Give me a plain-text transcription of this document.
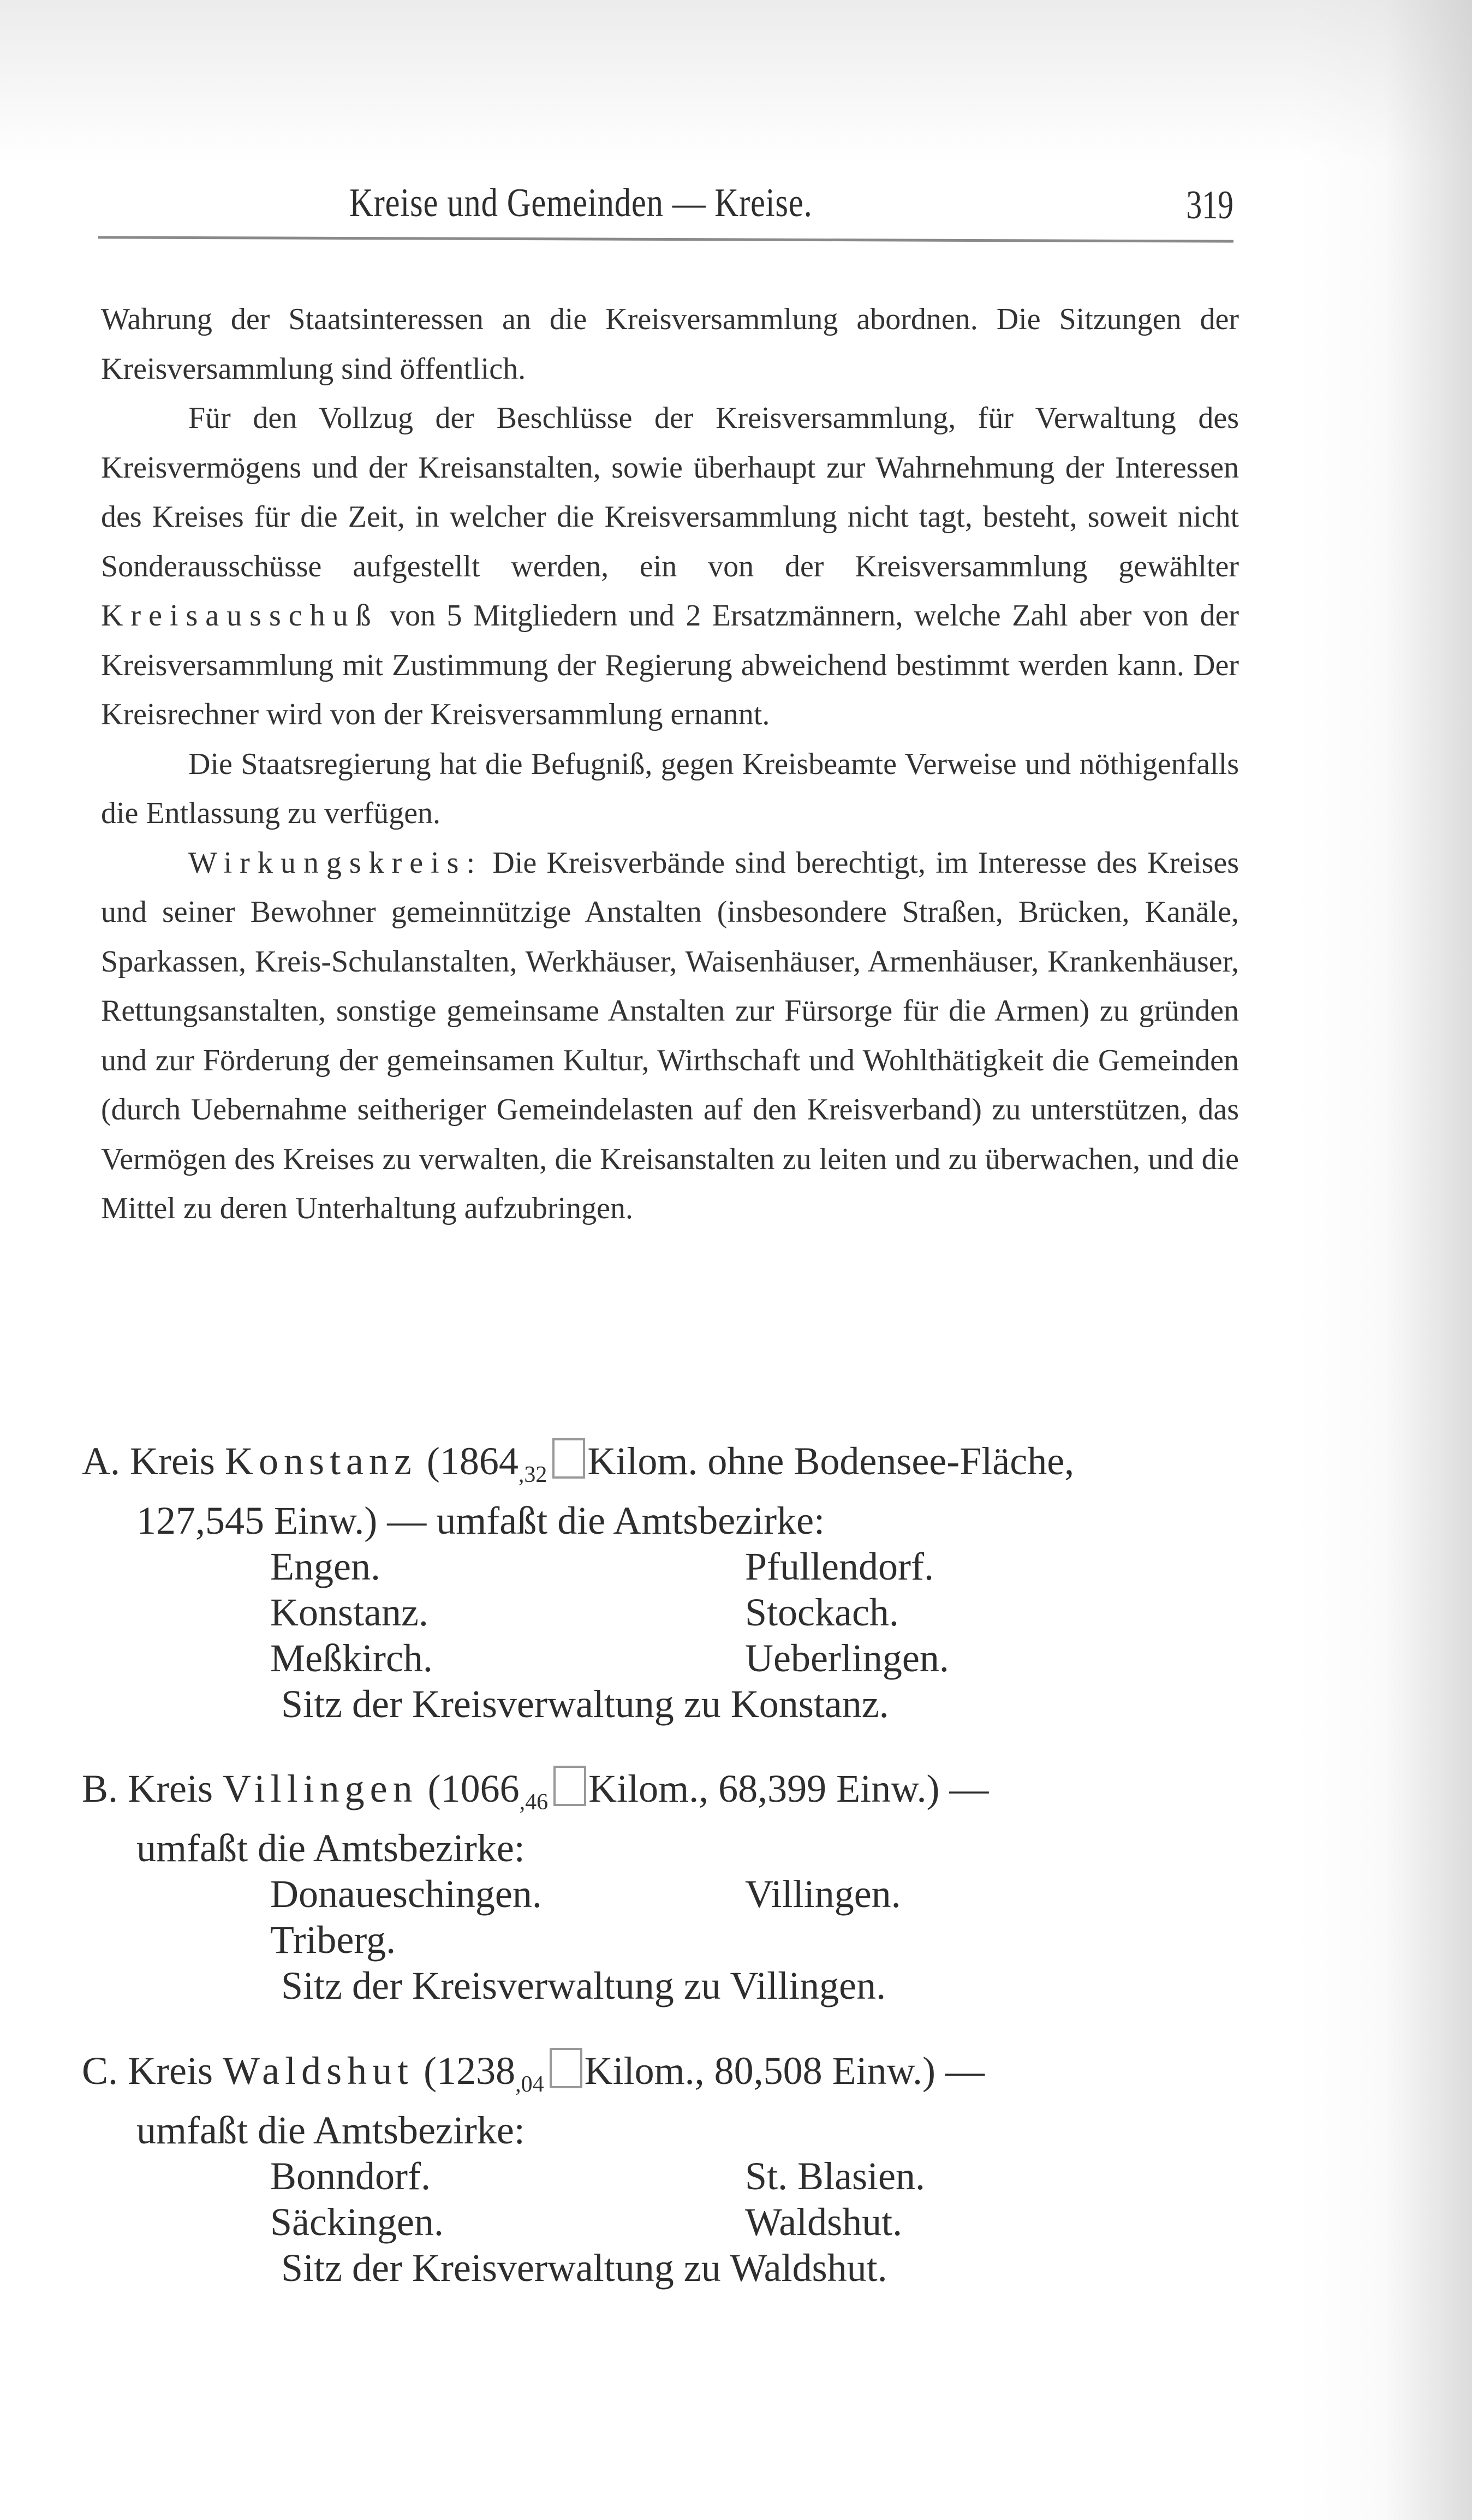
Kreise und Gemeinden — Kreise.	319

Wahrung der Staatsinteressen an die Kreisversammlung abordnen. Die Sitzungen der Kreisversammlung sind öffentlich.

Für den Vollzug der Beschlüsse der Kreisversammlung, für Verwaltung des Kreisvermögens und der Kreisanstalten, sowie überhaupt zur Wahrnehmung der Interessen des Kreises für die Zeit, in welcher die Kreisversammlung nicht tagt, besteht, soweit nicht Sonderausschüsse aufgestellt werden, ein von der Kreisversammlung gewählter Kreisausschuß von 5 Mitgliedern und 2 Ersatzmännern, welche Zahl aber von der Kreisversammlung mit Zustimmung der Regierung abweichend bestimmt werden kann. Der Kreisrechner wird von der Kreisversammlung ernannt.

Die Staatsregierung hat die Befugniß, gegen Kreisbeamte Verweise und nöthigenfalls die Entlassung zu verfügen.

Wirkungskreis: Die Kreisverbände sind berechtigt, im Interesse des Kreises und seiner Bewohner gemeinnützige Anstalten (insbesondere Straßen, Brücken, Kanäle, Sparkassen, Kreis-Schulanstalten, Werkhäuser, Waisenhäuser, Armenhäuser, Krankenhäuser, Rettungsanstalten, sonstige gemeinsame Anstalten zur Fürsorge für die Armen) zu gründen und zur Förderung der gemeinsamen Kultur, Wirthschaft und Wohlthätigkeit die Gemeinden (durch Uebernahme seitheriger Gemeindelasten auf den Kreisverband) zu unterstützen, das Vermögen des Kreises zu verwalten, die Kreisanstalten zu leiten und zu überwachen, und die Mittel zu deren Unterhaltung aufzubringen.

A. Kreis Konstanz ($1864_{,32}$ Kilom. ohne Bodensee-Fläche,
127,545 Einw.) — umfaßt die Amtsbezirke:
Engen.	Pfullendorf.
Konstanz.	Stockach.
Meßkirch.	Ueberlingen.
Sitz der Kreisverwaltung zu Konstanz.
B. Kreis Villingen ($1066_{,46}$ Kilom., 68,399 Einw.) —
umfaßt die Amtsbezirke:
Donaueschingen.	Villingen.
Triberg.
Sitz der Kreisverwaltung zu Villingen.
C. Kreis Waldshut ($1238_{,04}$ Kilom., 80,508 Einw.) —
umfaßt die Amtsbezirke:
Bonndorf.	St. Blasien.
Säckingen.	Waldshut.
Sitz der Kreisverwaltung zu Waldshut.
